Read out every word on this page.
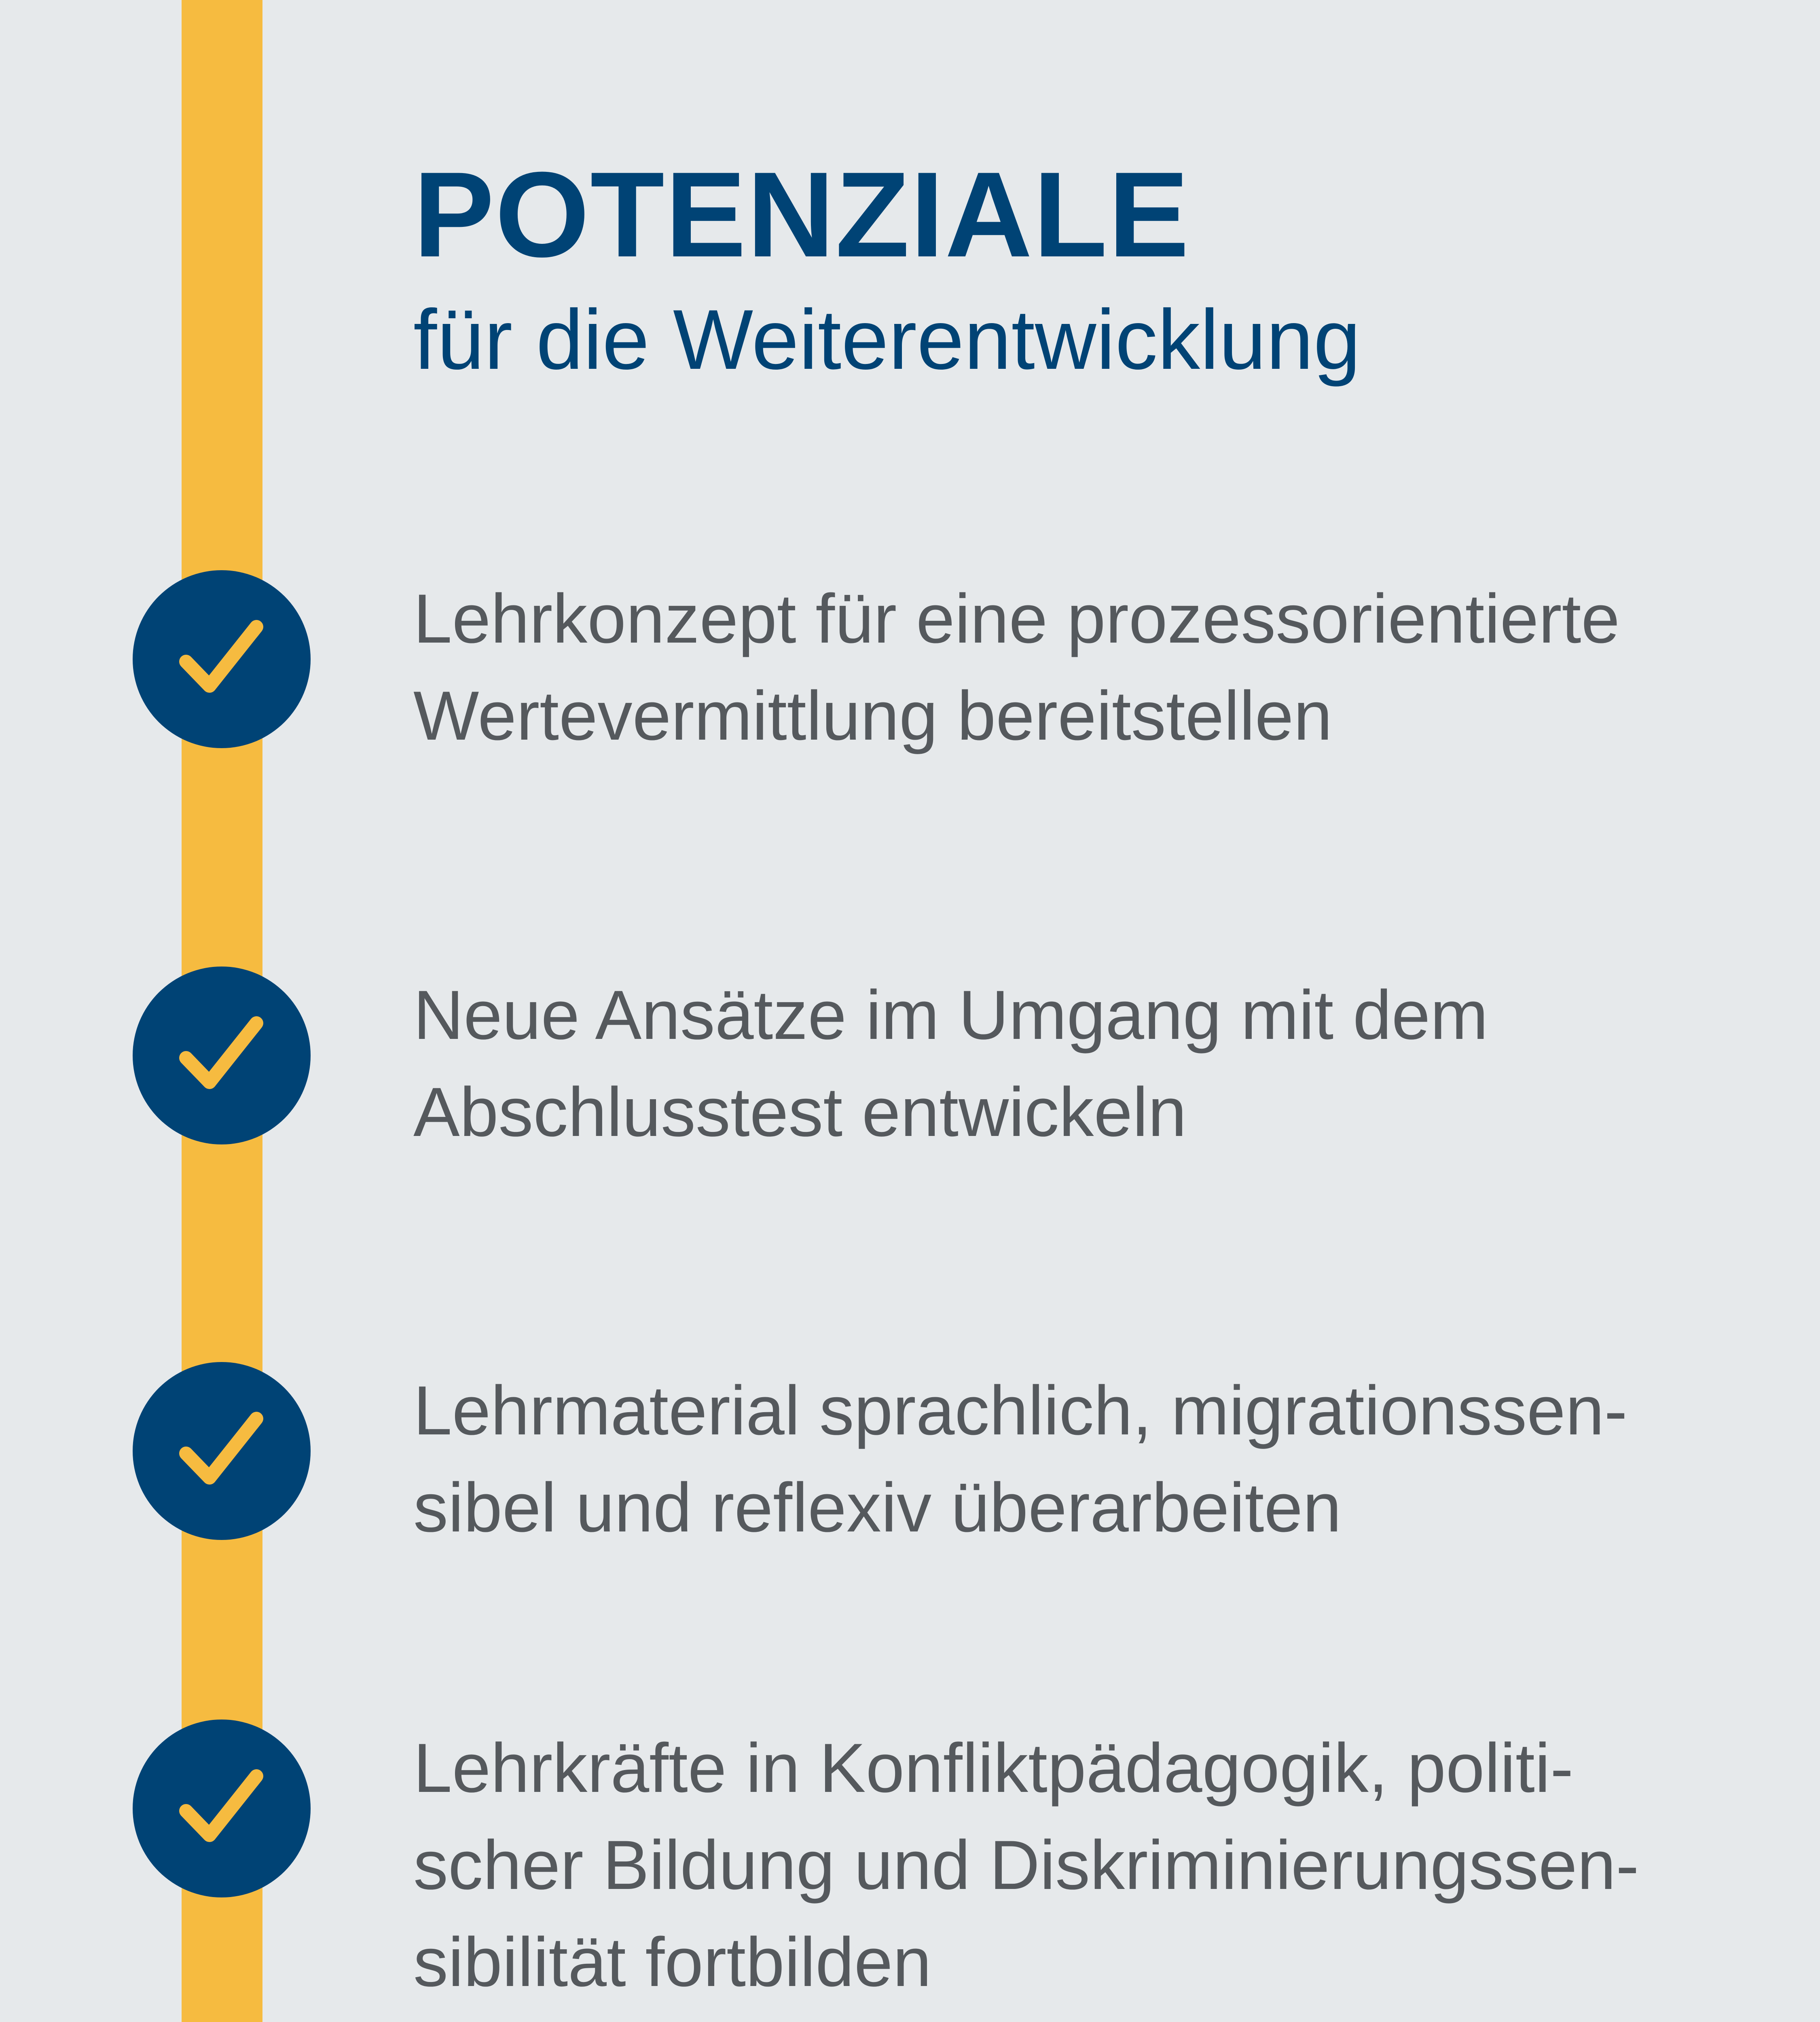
POTENZIALE
für die Weiterentwicklung

Lehrkonzept für eine prozessorientierte
Wertevermittlung bereitstellen

Neue Ansätze im Umgang mit dem
Abschlusstest entwickeln

Lehrmaterial sprachlich, migrationssen-
sibel und reflexiv überarbeiten

Lehrkräfte in Konfliktpädagogik, politi-
scher Bildung und Diskriminierungssen-
sibilität fortbilden
